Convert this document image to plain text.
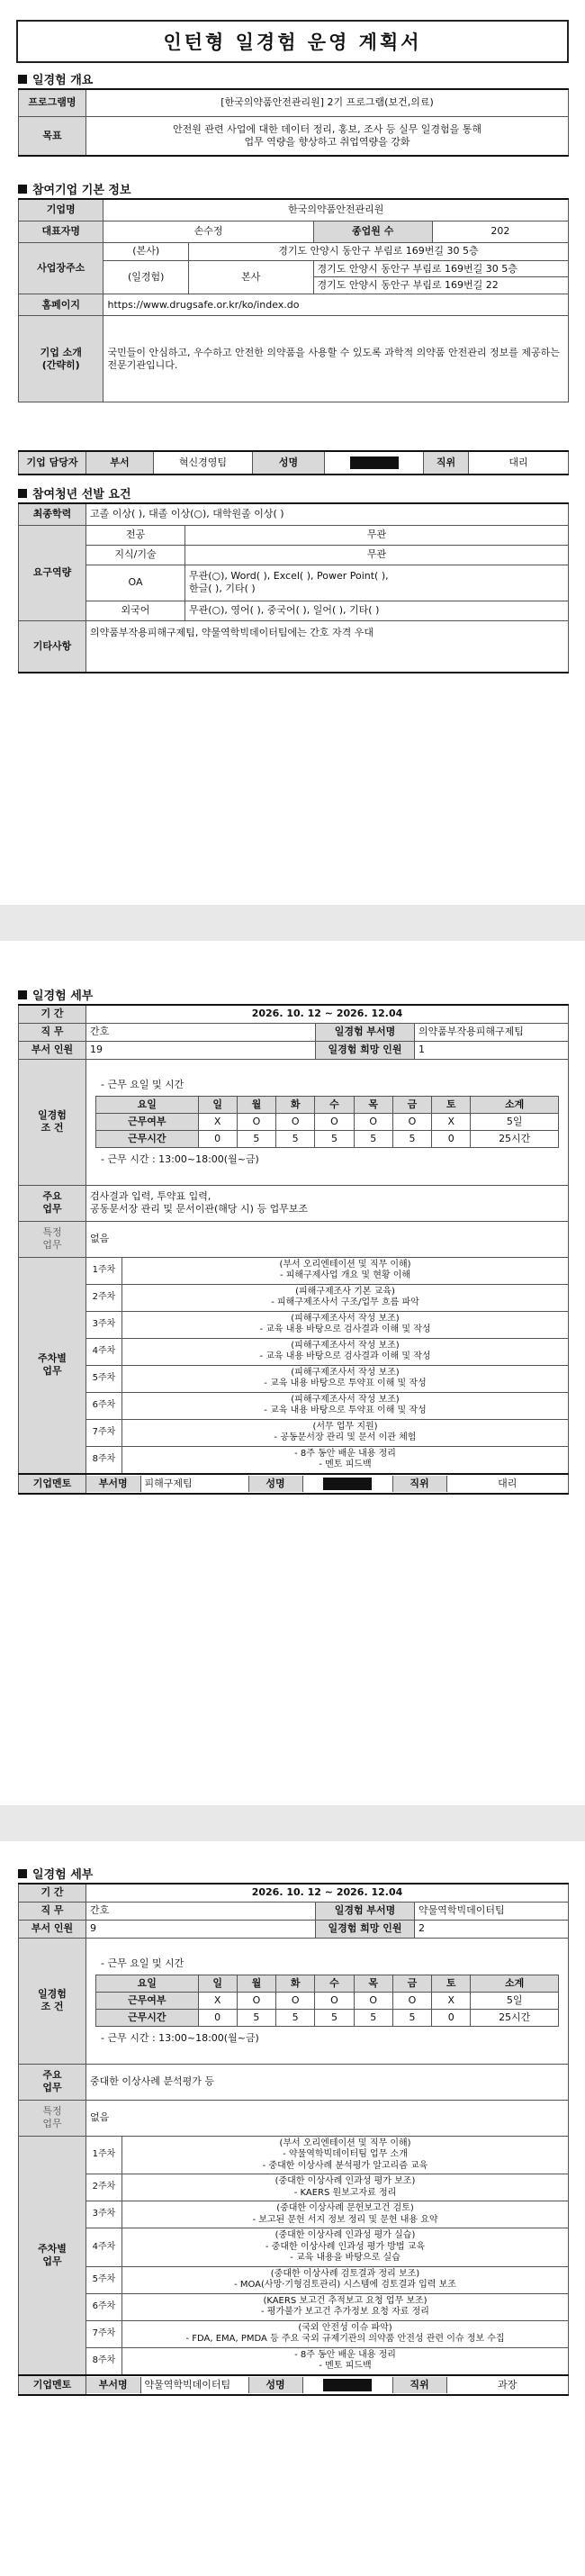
인턴형 일경험 운영 계획서
일경험 개요
프로그램명	[한국의약품안전관리원] 2기 프로그램(보건,의료)
목표	안전원 관련 사업에 대한 데이터 정리, 홍보, 조사 등 실무 일경험을 통해
업무 역량을 향상하고 취업역량을 강화
참여기업 기본 정보
기업명	한국의약품안전관리원			
대표자명	손수정		종업원 수	202
사업장주소	(본사)	경기도 안양시 동안구 부림로 169번길 30 5층		
	(일경험)	본사	경기도 안양시 동안구 부림로 169번길 30 5층	
			경기도 안양시 동안구 부림로 169번길 22	
홈페이지	https://www.drugsafe.or.kr/ko/index.do			

기업 소개
(간략히)	국민들이 안심하고, 우수하고 안전한 의약품을 사용할 수 있도록 과학적 의약품 안전관리 정보를 제공하는 전문기관입니다.			
기업 담당자	부서	혁신경영팀	성명		직위	대리
참여청년 선발 요건
최종학력	고졸 이상( ), 대졸 이상(○), 대학원졸 이상( )	
요구역량	전공	무관
	지식/기술	무관
	OA	무관(○), Word( ), Excel( ), Power Point( ),
한글( ), 기타( )

	외국어	무관(○), 영어( ), 중국어( ), 일어( ), 기타( )
기타사항	의약품부작용피해구제팀, 약물역학빅데이터팀에는 간호 자격 우대	
일경험 세부
기 간	2026. 10. 12 ~ 2026. 12.04
직 무	간호	일경험 부서명	의약품부작용피해구제팀
부서 인원	19	일경험 희망 인원	1

일경험
조 건

- 근무 요일 및 시간
요일	일	월	화	수	목	금	토	소계
근무여부	X	O	O	O	O	O	X	5일
근무시간	0	5	5	5	5	5	0	25시간
- 근무 시간 : 13:00~18:00(월~금)

주요
업무

검사결과 입력, 투약표 입력,
공동문서장 관리 및 문서이관(해당 시) 등 업무보조

특정
업무
	없음

주차별
업무
	1주차	
(부서 오리엔테이션 및 직무 이해)
- 피해구제사업 개요 및 현황 이해

2주차	
(피해구제조사 기본 교육)
- 피해구제조사서 구조/업무 흐름 파악

3주차	
(피해구제조사서 작성 보조)
- 교육 내용 바탕으로 검사결과 이해 및 작성

4주차	
(피해구제조사서 작성 보조)
- 교육 내용 바탕으로 검사결과 이해 및 작성

5주차	
(피해구제조사서 작성 보조)
- 교육 내용 바탕으로 투약표 이해 및 작성

6주차	
(피해구제조사서 작성 보조)
- 교육 내용 바탕으로 투약표 이해 및 작성

7주차	
(서무 업무 지원)
- 공동문서장 관리 및 문서 이관 체험

8주차	
- 8주 동안 배운 내용 정리
- 멘토 피드백

기업멘토		부서명	피해구제팀	성명		직위	대리
일경험 세부
기 간	2026. 10. 12 ~ 2026. 12.04
직 무	간호	일경험 부서명	약물역학빅데이터팀
부서 인원	9	일경험 희망 인원	2

일경험
조 건

- 근무 요일 및 시간
요일	일	월	화	수	목	금	토	소계
근무여부	X	O	O	O	O	O	X	5일
근무시간	0	5	5	5	5	5	0	25시간
- 근무 시간 : 13:00~18:00(월~금)

주요
업무
	중대한 이상사례 분석평가 등

특정
업무
	없음

주차별
업무
	1주차	
(부서 오리엔테이션 및 직무 이해)
- 약물역학빅데이터팀 업무 소개
- 중대한 이상사례 분석평가 알고리즘 교육

2주차	
(중대한 이상사례 인과성 평가 보조)
- KAERS 원보고자료 정리

3주차	
(중대한 이상사례 문헌보고건 검토)
- 보고된 문헌 서지 정보 정리 및 문헌 내용 요약

4주차	
(중대한 이상사례 인과성 평가 실습)
- 중대한 이상사례 인과성 평가 방법 교육
- 교육 내용을 바탕으로 실습

5주차	
(중대한 이상사례 검토결과 정리 보조)
- MOA(사망·기형검토관리) 시스템에 검토결과 입력 보조

6주차	
(KAERS 보고건 추적보고 요청 업무 보조)
- 평가불가 보고건 추가정보 요청 자료 정리

7주차	
(국외 안전성 이슈 파악)
- FDA, EMA, PMDA 등 주요 국외 규제기관의 의약품 안전성 관련 이슈 정보 수집

8주차	
- 8주 동안 배운 내용 정리
- 멘토 피드백

기업멘토		부서명	약물역학빅데이터팀	성명		직위	과장
